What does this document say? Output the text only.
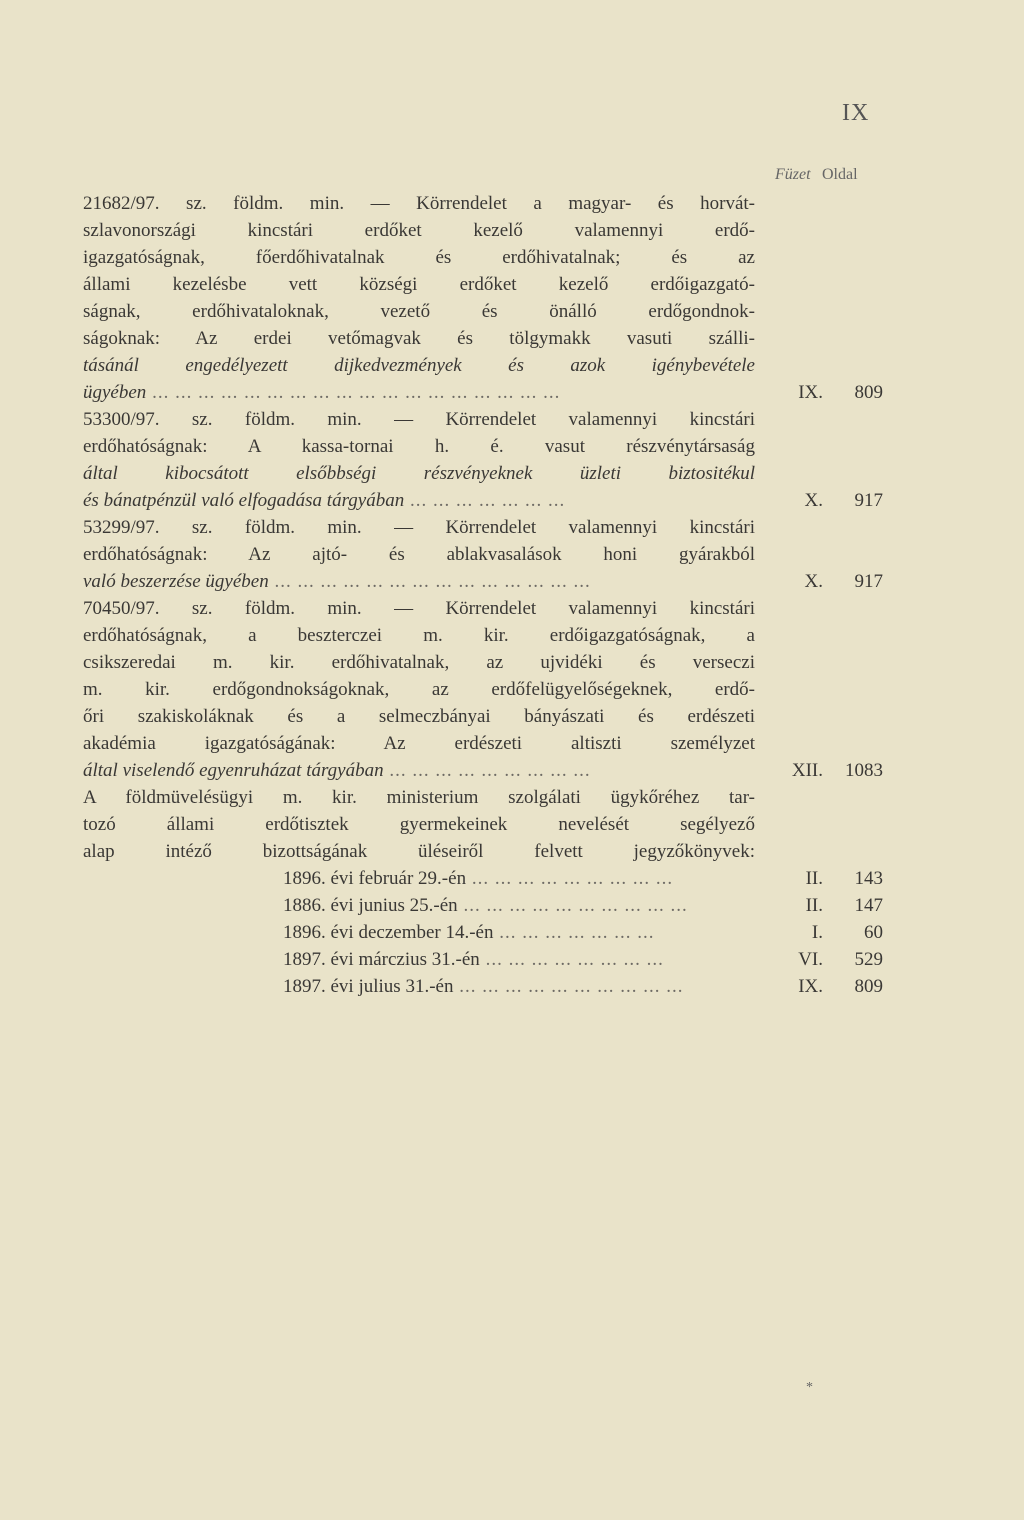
IX
Füzet Oldal
21682/97. sz. földm. min. — Körrendelet a magyar- és horvát-
szlavonországi kincstári erdőket kezelő valamennyi erdő-
igazgatóságnak, főerdőhivatalnak és erdőhivatalnak; és az
állami kezelésbe vett községi erdőket kezelő erdőigazgató-
ságnak, erdőhivataloknak, vezető és önálló erdőgondnok-
ságoknak: Az erdei vetőmagvak és tölgymakk vasuti szálli-
tásánál engedélyezett dijkedvezmények és azok igénybevétele
ügyében ... ... ... ... ... ... ... ... ... ... ... ... ... ... ... ... ... ...	IX.	809
53300/97. sz. földm. min. — Körrendelet valamennyi kincstári
erdőhatóságnak: A kassa-tornai h. é. vasut részvénytársaság
által kibocsátott elsőbbségi részvényeknek üzleti biztositékul
és bánatpénzül való elfogadása tárgyában ... ... ... ... ... ... ...	X.	917
53299/97. sz. földm. min. — Körrendelet valamennyi kincstári
erdőhatóságnak: Az ajtó- és ablakvasalások honi gyárakból
való beszerzése ügyében ... ... ... ... ... ... ... ... ... ... ... ... ... ...	X.	917
70450/97. sz. földm. min. — Körrendelet valamennyi kincstári
erdőhatóságnak, a beszterczei m. kir. erdőigazgatóságnak, a
csikszeredai m. kir. erdőhivatalnak, az ujvidéki és verseczi
m. kir. erdőgondnokságoknak, az erdőfelügyelőségeknek, erdő-
őri szakiskoláknak és a selmeczbányai bányászati és erdészeti
akadémia igazgatóságának: Az erdészeti altiszti személyzet
által viselendő egyenruházat tárgyában ... ... ... ... ... ... ... ... ...	XII.	1083
A földmüvelésügyi m. kir. ministerium szolgálati ügykőréhez tar-
tozó állami erdőtisztek gyermekeinek nevelését segélyező
alap intéző bizottságának üléseiről felvett jegyzőkönyvek:
1896. évi február 29.-én ... ... ... ... ... ... ... ... ...	II.	143
1886. évi junius 25.-én ... ... ... ... ... ... ... ... ... ...	II.	147
1896. évi deczember 14.-én ... ... ... ... ... ... ...	I.	60
1897. évi márczius 31.-én ... ... ... ... ... ... ... ...	VI.	529
1897. évi julius 31.-én ... ... ... ... ... ... ... ... ... ...	IX.	809
*
